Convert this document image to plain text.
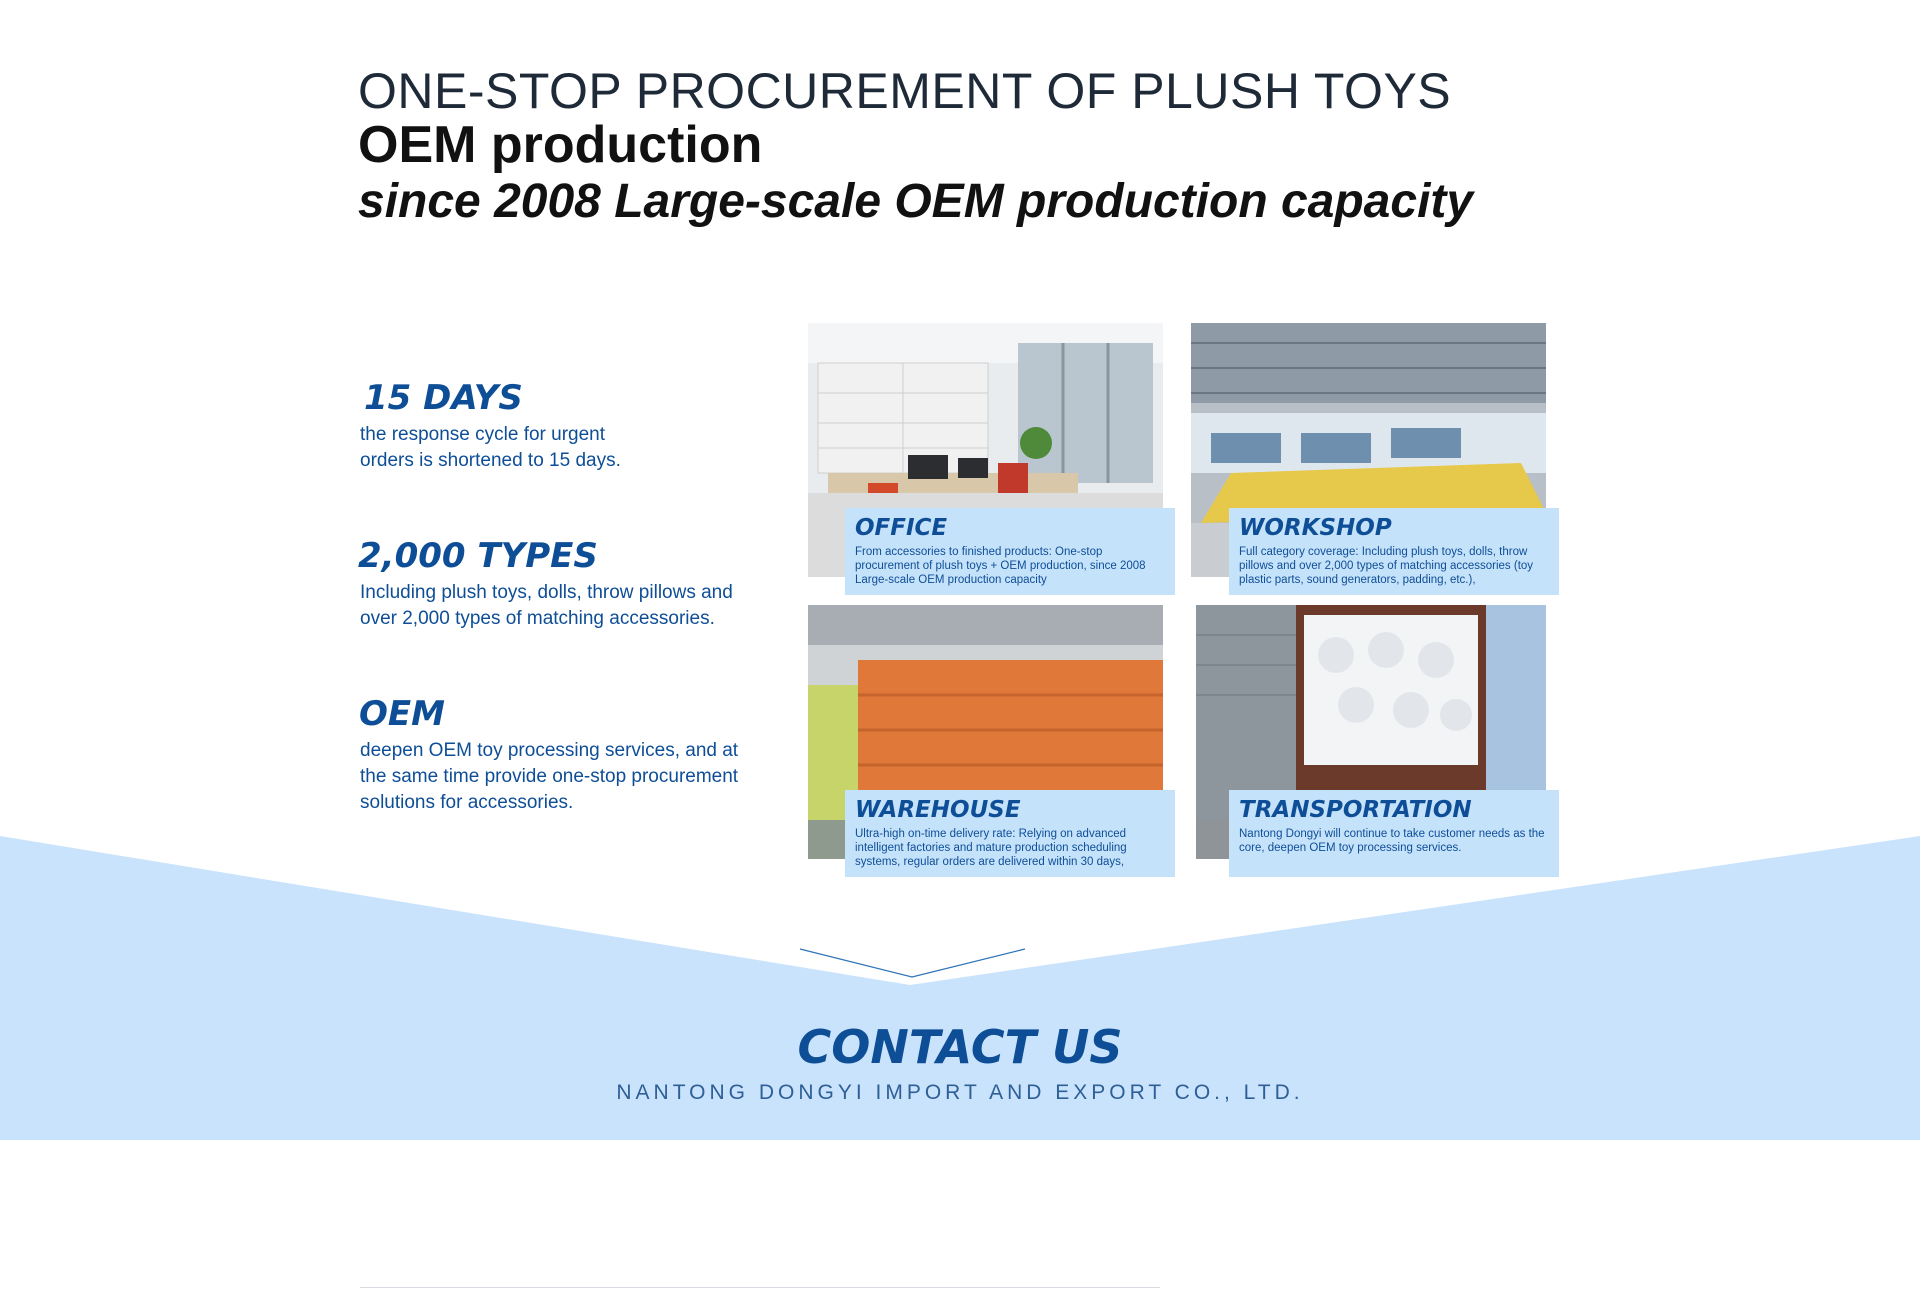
ONE-STOP PROCUREMENT OF PLUSH TOYS
OEM production
since 2008 Large-scale OEM production capacity
15 DAYS
the response cycle for urgent orders is shortened to 15 days.
2,000 TYPES
Including plush toys, dolls, throw pillows and over 2,000 types of matching accessories.
OEM
deepen OEM toy processing services, and at the same time provide one-stop procurement solutions for accessories.
OFFICE
From accessories to finished products: One-stop procurement of plush toys + OEM production, since 2008 Large-scale OEM production capacity
WORKSHOP
Full category coverage: Including plush toys, dolls, throw pillows and over 2,000 types of matching accessories (toy plastic parts, sound generators, padding, etc.),
WAREHOUSE
Ultra-high on-time delivery rate: Relying on advanced intelligent factories and mature production scheduling systems, regular orders are delivered within 30 days,
TRANSPORTATION
Nantong Dongyi will continue to take customer needs as the core, deepen OEM toy processing services.
CONTACT US
NANTONG DONGYI IMPORT AND EXPORT CO., LTD.
